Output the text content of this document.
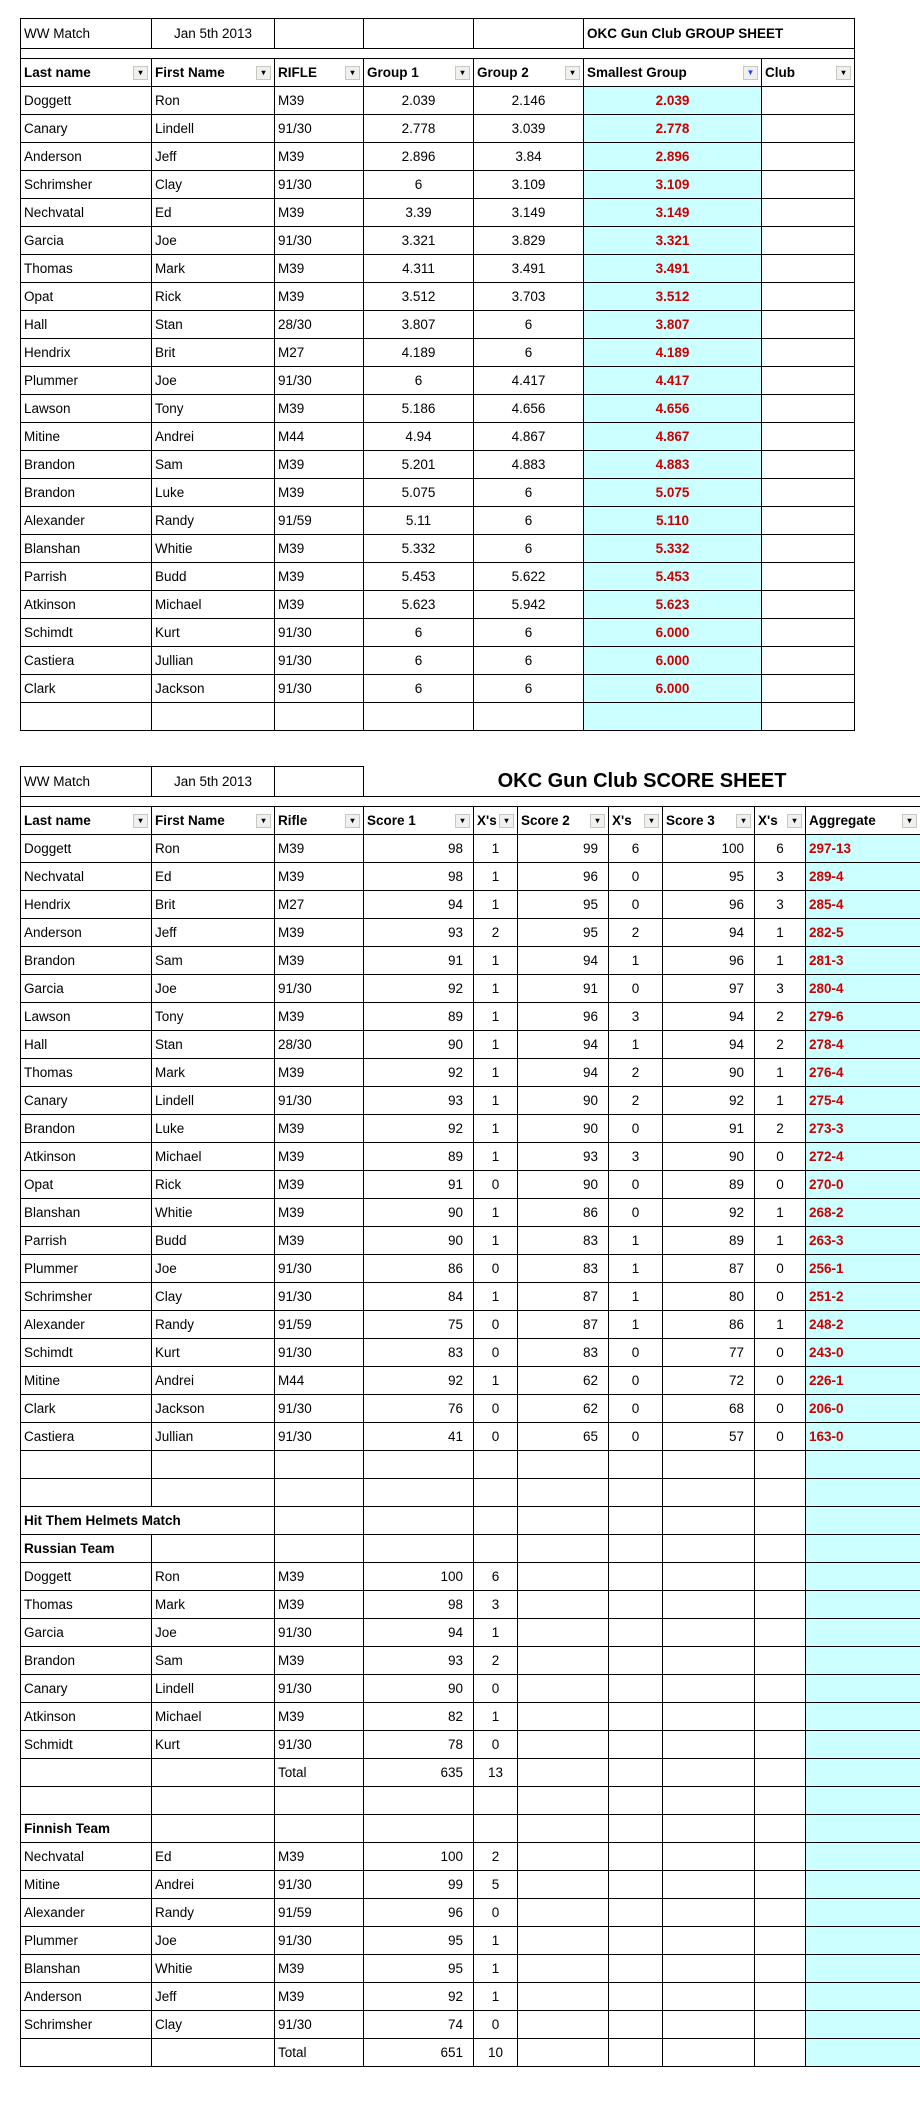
WW Match	Jan 5th 2013				OKC Gun Club GROUP SHEET	

Last name ▾	First Name ▾	RIFLE ▾	Group 1 ▾	Group 2 ▾	Smallest Group ▼	Club ▾

Doggett	Ron	M39	2.039	2.146	2.039	
Canary	Lindell	91/30	2.778	3.039	2.778	
Anderson	Jeff	M39	2.896	3.84	2.896	
Schrimsher	Clay	91/30	6	3.109	3.109	
Nechvatal	Ed	M39	3.39	3.149	3.149	
Garcia	Joe	91/30	3.321	3.829	3.321	
Thomas	Mark	M39	4.311	3.491	3.491	
Opat	Rick	M39	3.512	3.703	3.512	
Hall	Stan	28/30	3.807	6	3.807	
Hendrix	Brit	M27	4.189	6	4.189	
Plummer	Joe	91/30	6	4.417	4.417	
Lawson	Tony	M39	5.186	4.656	4.656	
Mitine	Andrei	M44	4.94	4.867	4.867	
Brandon	Sam	M39	5.201	4.883	4.883	
Brandon	Luke	M39	5.075	6	5.075	
Alexander	Randy	91/59	5.11	6	5.110	
Blanshan	Whitie	M39	5.332	6	5.332	
Parrish	Budd	M39	5.453	5.622	5.453	
Atkinson	Michael	M39	5.623	5.942	5.623	
Schimdt	Kurt	91/30	6	6	6.000	
Castiera	Jullian	91/30	6	6	6.000	
Clark	Jackson	91/30	6	6	6.000	

WW Match	Jan 5th 2013		OKC Gun Club SCORE SHEET						

Last name ▾	First Name ▾	Rifle ▾	Score 1 ▾	X's ▾	Score 2 ▾	X's ▾	Score 3 ▾	X's ▾	Aggregate ▾

Doggett	Ron	M39	98	1	99	6	100	6	297-13
Nechvatal	Ed	M39	98	1	96	0	95	3	289-4
Hendrix	Brit	M27	94	1	95	0	96	3	285-4
Anderson	Jeff	M39	93	2	95	2	94	1	282-5
Brandon	Sam	M39	91	1	94	1	96	1	281-3
Garcia	Joe	91/30	92	1	91	0	97	3	280-4
Lawson	Tony	M39	89	1	96	3	94	2	279-6
Hall	Stan	28/30	90	1	94	1	94	2	278-4
Thomas	Mark	M39	92	1	94	2	90	1	276-4
Canary	Lindell	91/30	93	1	90	2	92	1	275-4
Brandon	Luke	M39	92	1	90	0	91	2	273-3
Atkinson	Michael	M39	89	1	93	3	90	0	272-4
Opat	Rick	M39	91	0	90	0	89	0	270-0
Blanshan	Whitie	M39	90	1	86	0	92	1	268-2
Parrish	Budd	M39	90	1	83	1	89	1	263-3
Plummer	Joe	91/30	86	0	83	1	87	0	256-1
Schrimsher	Clay	91/30	84	1	87	1	80	0	251-2
Alexander	Randy	91/59	75	0	87	1	86	1	248-2
Schimdt	Kurt	91/30	83	0	83	0	77	0	243-0
Mitine	Andrei	M44	92	1	62	0	72	0	226-1
Clark	Jackson	91/30	76	0	62	0	68	0	206-0
Castiera	Jullian	91/30	41	0	65	0	57	0	163-0

Hit Them Helmets Match									
Russian Team									
Doggett	Ron	M39	100	6					
Thomas	Mark	M39	98	3					
Garcia	Joe	91/30	94	1					
Brandon	Sam	M39	93	2					
Canary	Lindell	91/30	90	0					
Atkinson	Michael	M39	82	1					
Schmidt	Kurt	91/30	78	0					
		Total	635	13					

Finnish Team									
Nechvatal	Ed	M39	100	2					
Mitine	Andrei	91/30	99	5					
Alexander	Randy	91/59	96	0					
Plummer	Joe	91/30	95	1					
Blanshan	Whitie	M39	95	1					
Anderson	Jeff	M39	92	1					
Schrimsher	Clay	91/30	74	0					
		Total	651	10					
